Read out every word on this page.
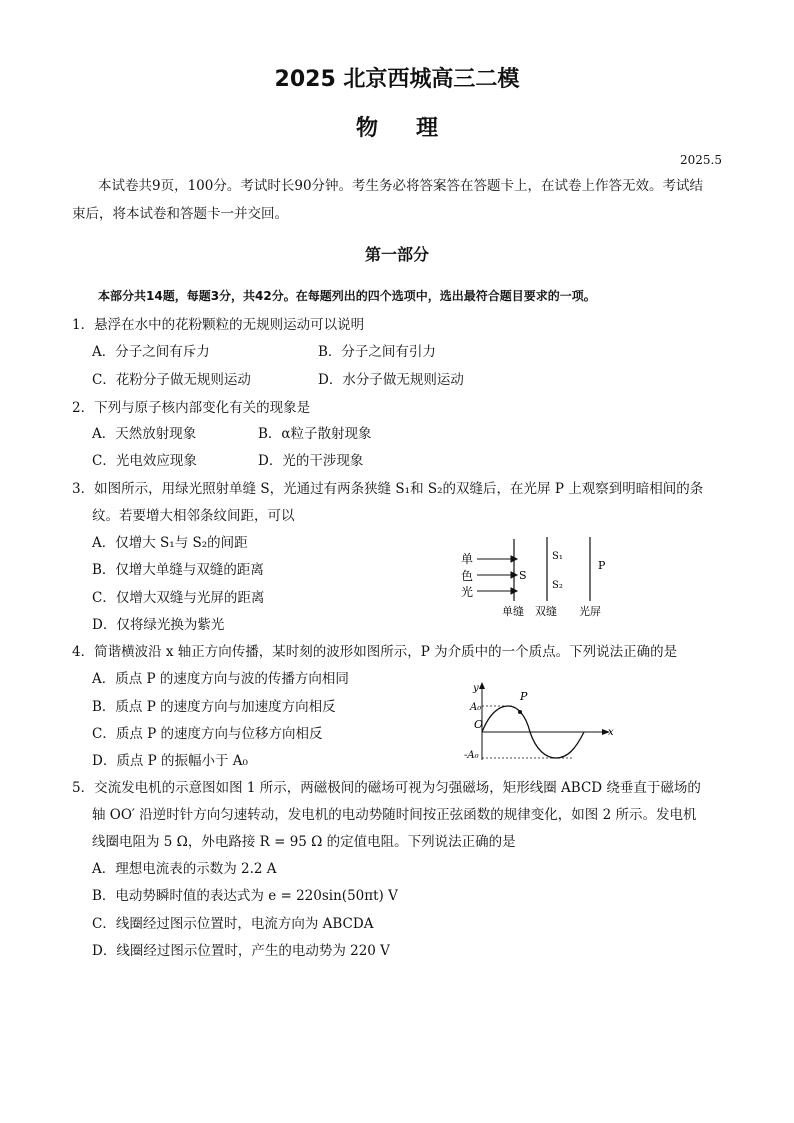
2025 北京西城高三二模
物理
2025.5
本试卷共9页，100分。考试时长90分钟。考生务必将答案答在答题卡上，在试卷上作答无效。考试结
束后，将本试卷和答题卡一并交回。
第一部分
本部分共14题，每题3分，共42分。在每题列出的四个选项中，选出最符合题目要求的一项。
1．悬浮在水中的花粉颗粒的无规则运动可以说明
A．分子之间有斥力	B．分子之间有引力
C．花粉分子做无规则运动	D．水分子做无规则运动
2．下列与原子核内部变化有关的现象是
A．天然放射现象	B．α粒子散射现象
C．光电效应现象	D．光的干涉现象
3．如图所示，用绿光照射单缝 S，光通过有两条狭缝 S₁和 S₂的双缝后，在光屏 P 上观察到明暗相间的条
纹。若要增大相邻条纹间距，可以
A．仅增大 S₁与 S₂的间距
B．仅增大单缝与双缝的距离
C．仅增大双缝与光屏的距离
D．仅将绿光换为紫光
单
色
光
S
S₁
S₂
P
单缝 双缝 光屏
4．简谐横波沿 x 轴正方向传播，某时刻的波形如图所示，P 为介质中的一个质点。下列说法正确的是
A．质点 P 的速度方向与波的传播方向相同
B．质点 P 的速度方向与加速度方向相反
C．质点 P 的速度方向与位移方向相反
D．质点 P 的振幅小于 A₀
y
x
A₀
-A₀
O
P
5．交流发电机的示意图如图 1 所示，两磁极间的磁场可视为匀强磁场，矩形线圈 ABCD 绕垂直于磁场的
轴 OO′ 沿逆时针方向匀速转动，发电机的电动势随时间按正弦函数的规律变化，如图 2 所示。发电机
线圈电阻为 5 Ω，外电路接 R = 95 Ω 的定值电阻。下列说法正确的是
A．理想电流表的示数为 2.2 A
B．电动势瞬时值的表达式为 e = 220sin(50πt) V
C．线圈经过图示位置时，电流方向为 ABCDA
D．线圈经过图示位置时，产生的电动势为 220 V
